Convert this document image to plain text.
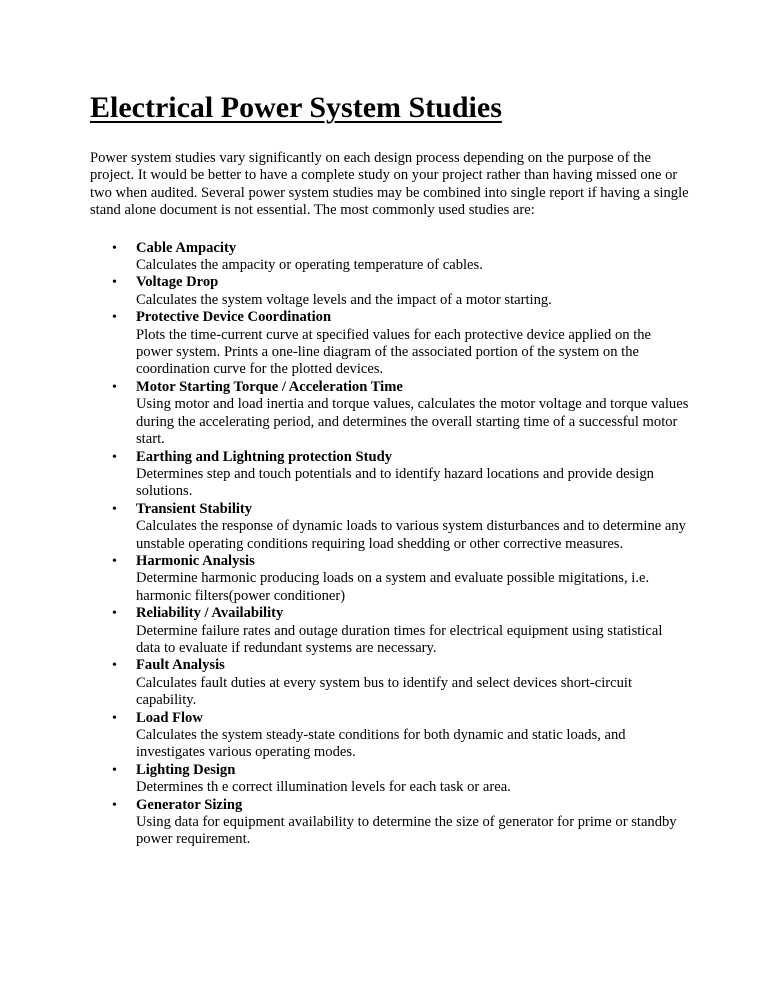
Electrical Power System Studies

Power system studies vary significantly on each design process depending on the purpose of the project. It would be better to have a complete study on your project rather than having missed one or two when audited. Several power system studies may be combined into single report if having a single stand alone document is not essential. The most commonly used studies are:

• Cable Ampacity
Calculates the ampacity or operating temperature of cables.
• Voltage Drop
Calculates the system voltage levels and the impact of a motor starting.
• Protective Device Coordination
Plots the time-current curve at specified values for each protective device applied on the power system. Prints a one-line diagram of the associated portion of the system on the coordination curve for the plotted devices.
• Motor Starting Torque / Acceleration Time
Using motor and load inertia and torque values, calculates the motor voltage and torque values during the accelerating period, and determines the overall starting time of a successful motor start.
• Earthing and Lightning protection Study
Determines step and touch potentials and to identify hazard locations and provide design solutions.
• Transient Stability
Calculates the response of dynamic loads to various system disturbances and to determine any unstable operating conditions requiring load shedding or other corrective measures.
• Harmonic Analysis
Determine harmonic producing loads on a system and evaluate possible migitations, i.e. harmonic filters(power conditioner)
• Reliability / Availability
Determine failure rates and outage duration times for electrical equipment using statistical data to evaluate if redundant systems are necessary.
• Fault Analysis
Calculates fault duties at every system bus to identify and select devices short-circuit capability.
• Load Flow
Calculates the system steady-state conditions for both dynamic and static loads, and investigates various operating modes.
• Lighting Design
Determines th e correct illumination levels for each task or area.
• Generator Sizing
Using data for equipment availability to determine the size of generator for prime or standby power requirement.
